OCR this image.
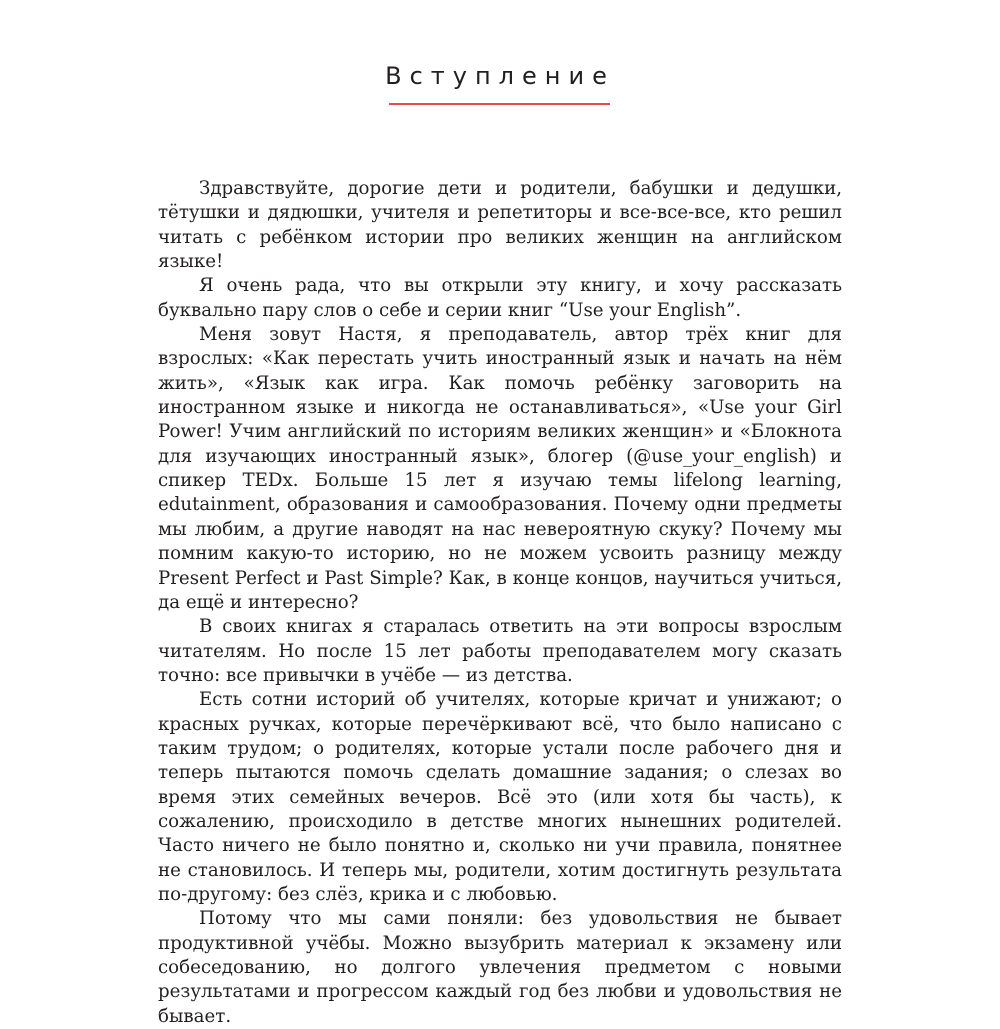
Вступление

Здравствуйте, дорогие дети и родители, бабушки и дедушки, тётушки и дядюшки, учителя и репетиторы и все-все-все, кто решил читать с ребёнком истории про великих женщин на английском языке!

Я очень рада, что вы открыли эту книгу, и хочу рассказать буквально пару слов о себе и серии книг “Use your English”.

Меня зовут Настя, я преподаватель, автор трёх книг для взрослых: «Как перестать учить иностранный язык и начать на нём жить», «Язык как игра. Как помочь ребёнку заговорить на иностранном языке и никогда не останавливаться», «Use your Girl Power! Учим английский по историям великих женщин» и «Блокнота для изучающих иностранный язык», блогер (@use_your_english) и спикер TEDx. Больше 15 лет я изучаю темы lifelong learning, edutainment, образования и самообразования. Почему одни предметы мы любим, а другие наводят на нас невероятную скуку? Почему мы помним какую-то историю, но не можем усвоить разницу между Present Perfect и Past Simple? Как, в конце концов, научиться учиться, да ещё и интересно?

В своих книгах я старалась ответить на эти вопросы взрослым читателям. Но после 15 лет работы преподавателем могу сказать точно: все привычки в учёбе — из детства.

Есть сотни историй об учителях, которые кричат и унижают; о красных ручках, которые перечёркивают всё, что было написано с таким трудом; о родителях, которые устали после рабочего дня и теперь пытаются помочь сделать домашние задания; о слезах во время этих семейных вечеров. Всё это (или хотя бы часть), к сожалению, происходило в детстве многих нынешних родителей. Часто ничего не было понятно и, сколько ни учи правила, понятнее не становилось. И теперь мы, родители, хотим достигнуть результата по-другому: без слёз, крика и с любовью.

Потому что мы сами поняли: без удовольствия не бывает продуктивной учёбы. Можно вызубрить материал к экзамену или собеседованию, но долгого увлечения предметом с новыми результатами и прогрессом каждый год без любви и удовольствия не бывает.
